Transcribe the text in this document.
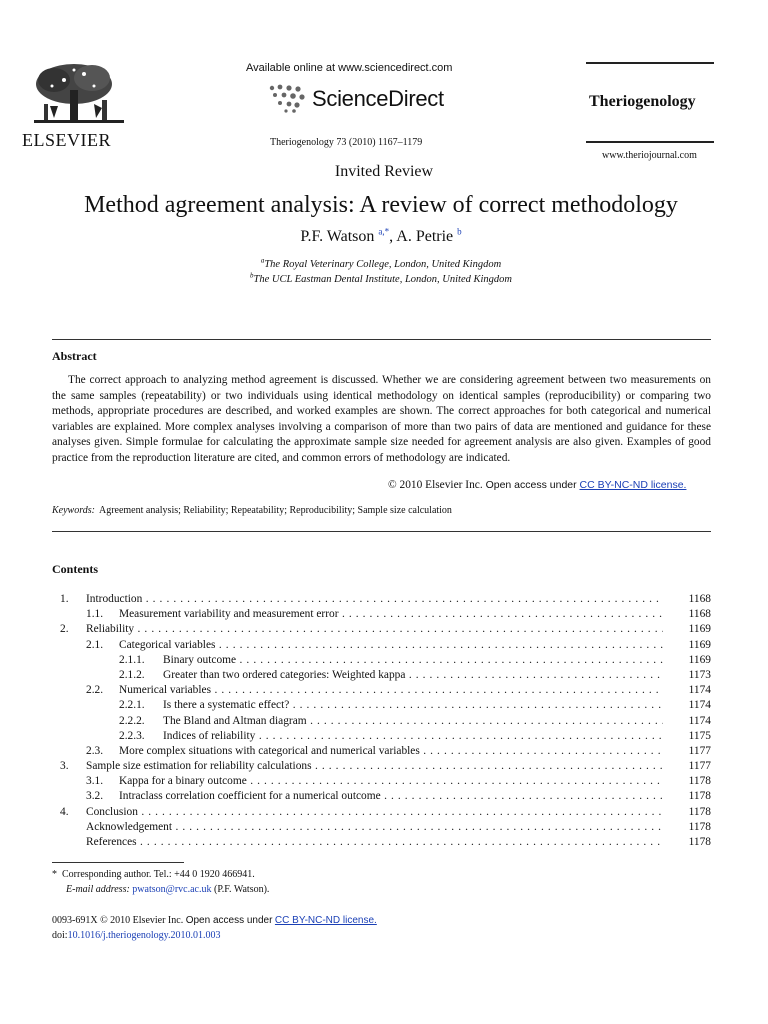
ELSEVIER
Available online at www.sciencedirect.com
ScienceDirect
Theriogenology 73 (2010) 1167–1179
Theriogenology
www.theriojournal.com
Invited Review
Method agreement analysis: A review of correct methodology
P.F. Watson $^{a,*}$, A. Petrie $^b$
$^a$The Royal Veterinary College, London, United Kingdom
$^b$The UCL Eastman Dental Institute, London, United Kingdom
Abstract
The correct approach to analyzing method agreement is discussed. Whether we are considering agreement between two measurements on the same samples (repeatability) or two individuals using identical methodology on identical samples (reproducibility) or comparing two methods, appropriate procedures are described, and worked examples are shown. The correct approaches for both categorical and numerical variables are explained. More complex analyses involving a comparison of more than two pairs of data are mentioned and guidance for these analyses given. Simple formulae for calculating the approximate sample size needed for agreement analysis are also given. Examples of good practice from the reproduction literature are cited, and common errors of methodology are indicated.
© 2010 Elsevier Inc. Open access under CC BY-NC-ND license.
Keywords: Agreement analysis; Reliability; Repeatability; Reproducibility; Sample size calculation
Contents
1. Introduction . . .	1168
1.1. Measurement variability and measurement error . . .	1168
2. Reliability . . .	1169
2.1. Categorical variables . . .	1169
2.1.1. Binary outcome . . .	1169
2.1.2. Greater than two ordered categories: Weighted kappa . . .	1173
2.2. Numerical variables . . .	1174
2.2.1. Is there a systematic effect? . . .	1174
2.2.2. The Bland and Altman diagram . . .	1174
2.2.3. Indices of reliability . . .	1175
2.3. More complex situations with categorical and numerical variables . . .	1177
3. Sample size estimation for reliability calculations . . .	1177
3.1. Kappa for a binary outcome . . .	1178
3.2. Intraclass correlation coefficient for a numerical outcome . . .	1178
4. Conclusion . . .	1178
Acknowledgement . . .	1178
References . . .	1178
* Corresponding author. Tel.: +44 0 1920 466941.
E-mail address: pwatson@rvc.ac.uk (P.F. Watson).
0093-691X © 2010 Elsevier Inc. Open access under CC BY-NC-ND license.
doi:10.1016/j.theriogenology.2010.01.003
